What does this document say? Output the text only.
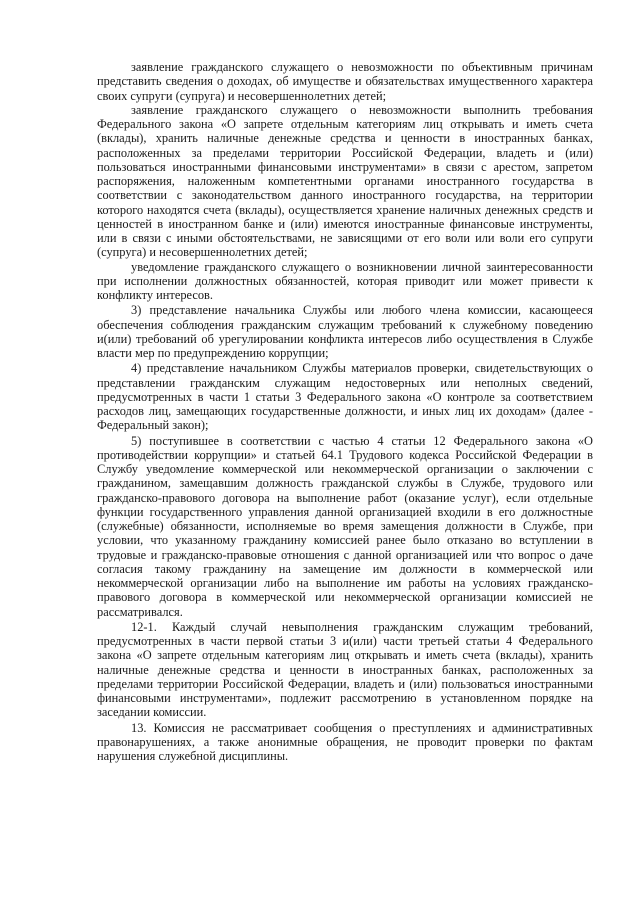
заявление гражданского служащего о невозможности по объективным причинам представить сведения о доходах, об имуществе и обязательствах имущественного характера своих супруги (супруга) и несовершеннолетних детей;

заявление гражданского служащего о невозможности выполнить требования Федерального закона «О запрете отдельным категориям лиц открывать и иметь счета (вклады), хранить наличные денежные средства и ценности в иностранных банках, расположенных за пределами территории Российской Федерации, владеть и (или) пользоваться иностранными финансовыми инструментами» в связи с арестом, запретом распоряжения, наложенным компетентными органами иностранного государства в соответствии с законодательством данного иностранного государства, на территории которого находятся счета (вклады), осуществляется хранение наличных денежных средств и ценностей в иностранном банке и (или) имеются иностранные финансовые инструменты, или в связи с иными обстоятельствами, не зависящими от его воли или воли его супруги (супруга) и несовершеннолетних детей;

уведомление гражданского служащего о возникновении личной заинтересованности при исполнении должностных обязанностей, которая приводит или может привести к конфликту интересов.

3) представление начальника Службы или любого члена комиссии, касающееся обеспечения соблюдения гражданским служащим требований к служебному поведению и(или) требований об урегулировании конфликта интересов либо осуществления в Службе власти мер по предупреждению коррупции;

4) представление начальником Службы материалов проверки, свидетельствующих о представлении гражданским служащим недостоверных или неполных сведений, предусмотренных в части 1 статьи 3 Федерального закона «О контроле за соответствием расходов лиц, замещающих государственные должности, и иных лиц их доходам» (далее - Федеральный закон);

5) поступившее в соответствии с частью 4 статьи 12 Федерального закона «О противодействии коррупции» и статьей 64.1 Трудового кодекса Российской Федерации в Службу уведомление коммерческой или некоммерческой организации о заключении с гражданином, замещавшим должность гражданской службы в Службе, трудового или гражданско-правового договора на выполнение работ (оказание услуг), если отдельные функции государственного управления данной организацией входили в его должностные (служебные) обязанности, исполняемые во время замещения должности в Службе, при условии, что указанному гражданину комиссией ранее было отказано во вступлении в трудовые и гражданско-правовые отношения с данной организацией или что вопрос о даче согласия такому гражданину на замещение им должности в коммерческой или некоммерческой организации либо на выполнение им работы на условиях гражданско-правового договора в коммерческой или некоммерческой организации комиссией не рассматривался.

12-1. Каждый случай невыполнения гражданским служащим требований, предусмотренных в части первой статьи 3 и(или) части третьей статьи 4 Федерального закона «О запрете отдельным категориям лиц открывать и иметь счета (вклады), хранить наличные денежные средства и ценности в иностранных банках, расположенных за пределами территории Российской Федерации, владеть и (или) пользоваться иностранными финансовыми инструментами», подлежит рассмотрению в установленном порядке на заседании комиссии.

13. Комиссия не рассматривает сообщения о преступлениях и административных правонарушениях, а также анонимные обращения, не проводит проверки по фактам нарушения служебной дисциплины.
